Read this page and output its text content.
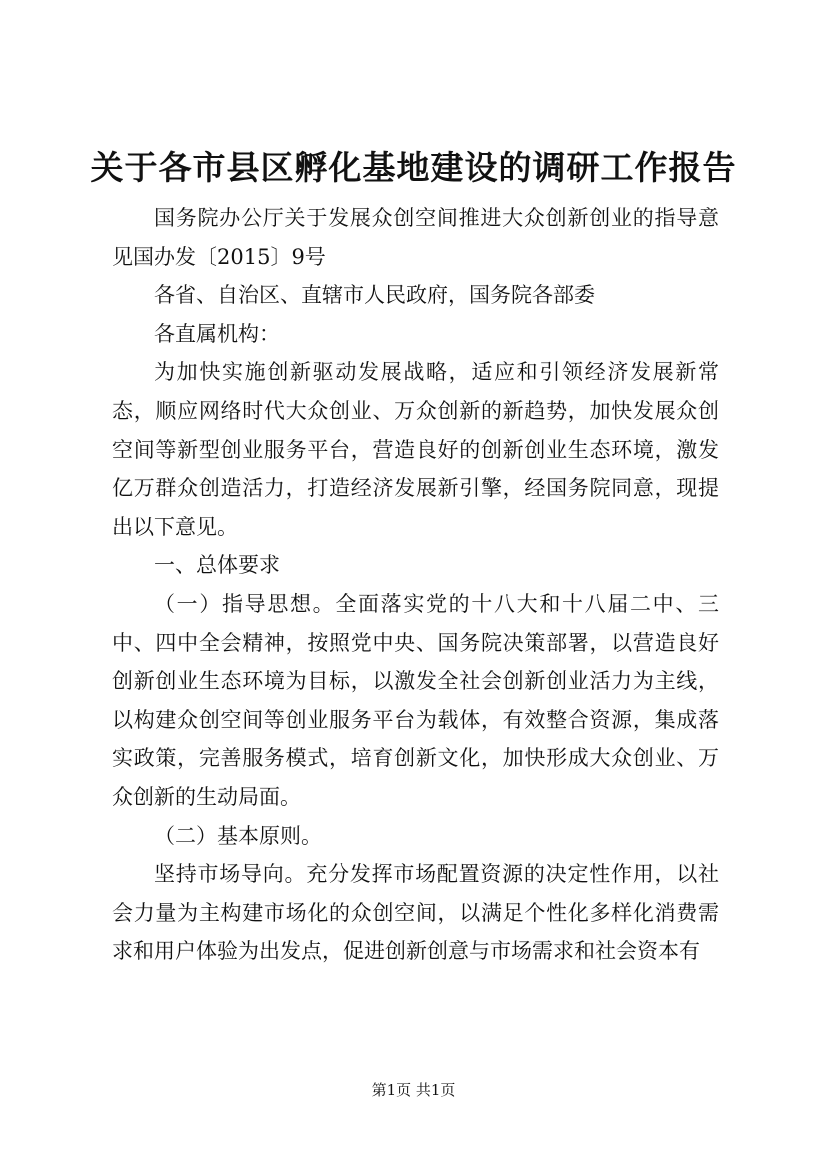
关于各市县区孵化基地建设的调研工作报告

国务院办公厅关于发展众创空间推进大众创新创业的指导意见国办发〔2015〕9号

各省、自治区、直辖市人民政府，国务院各部委

各直属机构：

为加快实施创新驱动发展战略，适应和引领经济发展新常态，顺应网络时代大众创业、万众创新的新趋势，加快发展众创空间等新型创业服务平台，营造良好的创新创业生态环境，激发亿万群众创造活力，打造经济发展新引擎，经国务院同意，现提出以下意见。

一、总体要求

（一）指导思想。全面落实党的十八大和十八届二中、三中、四中全会精神，按照党中央、国务院决策部署，以营造良好创新创业生态环境为目标，以激发全社会创新创业活力为主线，以构建众创空间等创业服务平台为载体，有效整合资源，集成落实政策，完善服务模式，培育创新文化，加快形成大众创业、万众创新的生动局面。

（二）基本原则。

坚持市场导向。充分发挥市场配置资源的决定性作用，以社会力量为主构建市场化的众创空间，以满足个性化多样化消费需求和用户体验为出发点，促进创新创意与市场需求和社会资本有

第1页 共1页
